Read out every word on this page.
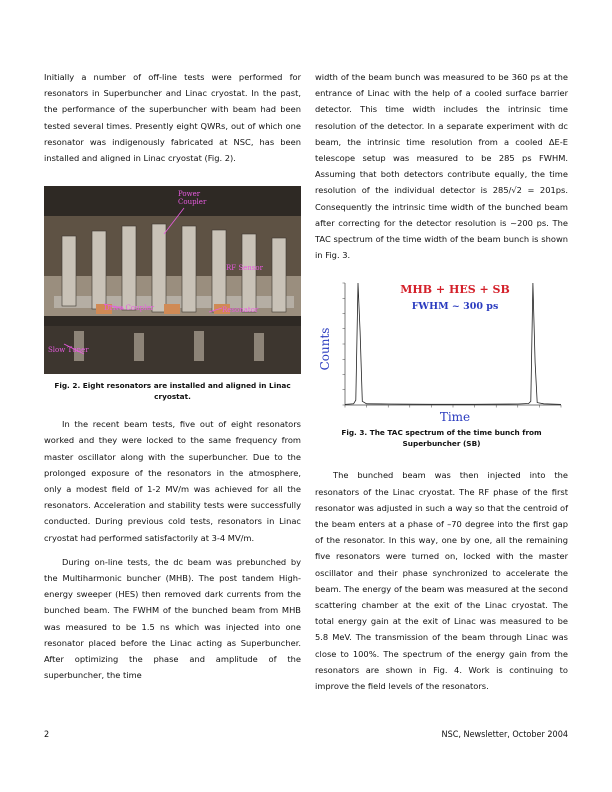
Initially a number of off-line tests were performed for resonators in Superbuncher and Linac cryostat. In the past, the performance of the superbuncher with beam had been tested several times. Presently eight QWRs, out of which one resonator was indigenously fabricated at NSC, has been installed and aligned in Linac cryostat (Fig. 2).

Power Coupler
RF Sensor
Drive Coupler	Resonator
Slow Tuner
Fig. 2. Eight resonators are installed and aligned in Linac cryostat.

In the recent beam tests, five out of eight resonators worked and they were locked to the same frequency from master oscillator along with the superbuncher. Due to the prolonged exposure of the resonators in the atmosphere, only a modest field of 1-2 MV/m was achieved for all the resonators. Acceleration and stability tests were successfully conducted. During previous cold tests, resonators in Linac cryostat had performed satisfactorily at 3-4 MV/m.

During on-line tests, the dc beam was prebunched by the Multiharmonic buncher (MHB). The post tandem High-energy sweeper (HES) then removed dark currents from the bunched beam. The FWHM of the bunched beam from MHB was measured to be 1.5 ns which was injected into one resonator placed before the Linac acting as Superbuncher. After optimizing the phase and amplitude of the superbuncher, the time

width of the beam bunch was measured to be 360 ps at the entrance of Linac with the help of a cooled surface barrier detector. This time width includes the intrinsic time resolution of the detector. In a separate experiment with dc beam, the intrinsic time resolution from a cooled ΔE-E telescope setup was measured to be 285 ps FWHM. Assuming that both detectors contribute equally, the time resolution of the individual detector is 285/√2 = 201ps. Consequently the intrinsic time width of the bunched beam after correcting for the detector resolution is ~200 ps. The TAC spectrum of the time width of the beam bunch is shown in Fig. 3.

MHB + HES + SB
FWHM ~ 300 ps
Counts
Time
Fig. 3. The TAC spectrum of the time bunch from Superbuncher (SB)

The bunched beam was then injected into the resonators of the Linac cryostat. The RF phase of the first resonator was adjusted in such a way so that the centroid of the beam enters at a phase of –70 degree into the first gap of the resonator. In this way, one by one, all the remaining five resonators were turned on, locked with the master oscillator and their phase synchronized to accelerate the beam. The energy of the beam was measured at the second scattering chamber at the exit of the Linac cryostat. The total energy gain at the exit of Linac was measured to be 5.8 MeV. The transmission of the beam through Linac was close to 100%. The spectrum of the energy gain from the resonators are shown in Fig. 4. Work is continuing to improve the field levels of the resonators.

2	NSC, Newsletter, October 2004
